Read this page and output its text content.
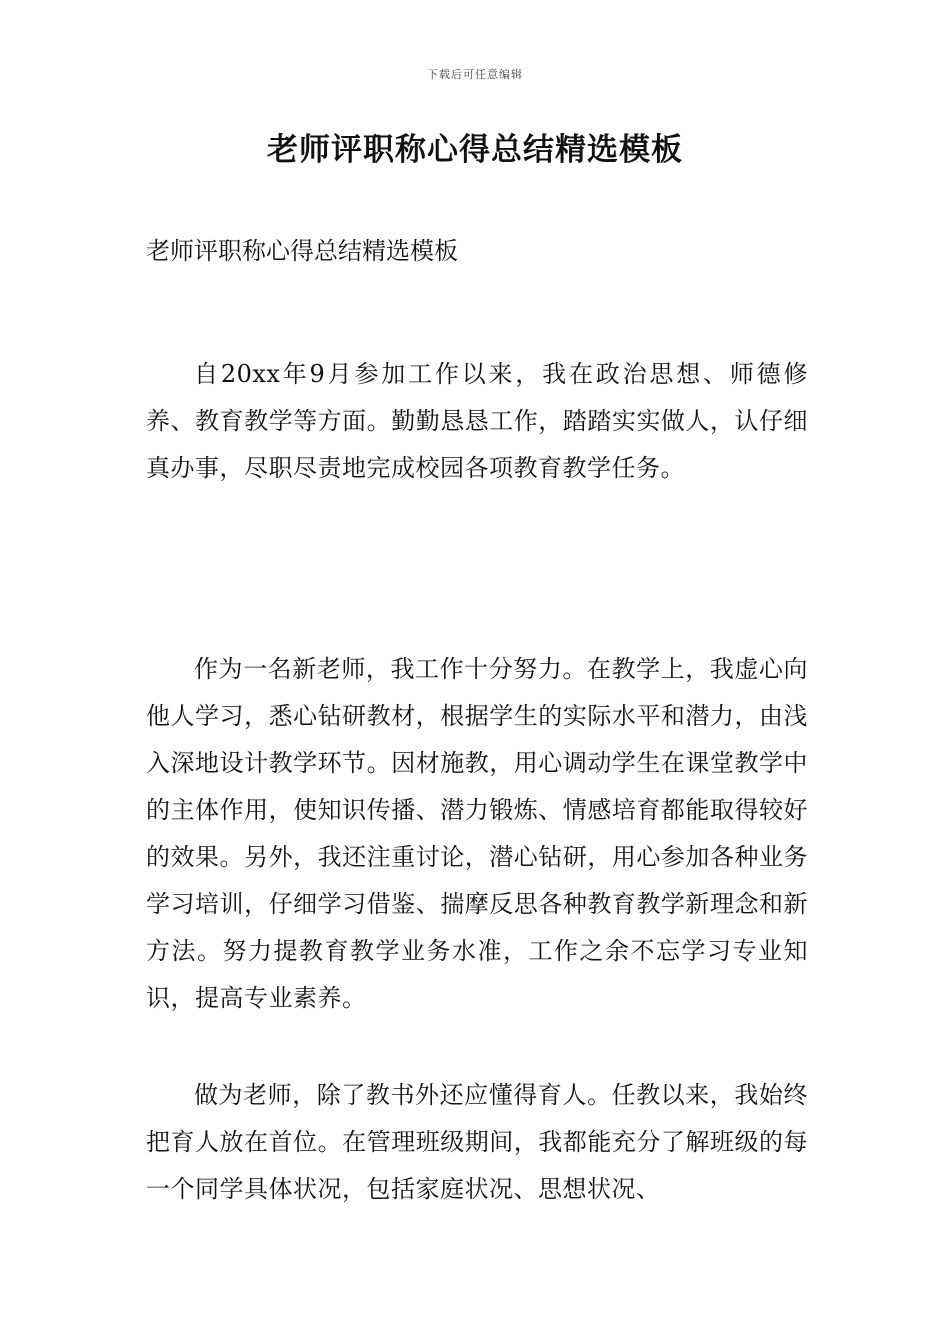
下载后可任意编辑
老师评职称心得总结精选模板

老师评职称心得总结精选模板

自20xx年9月参加工作以来，我在政治思想、师德修养、教育教学等方面。勤勤恳恳工作，踏踏实实做人，认仔细真办事，尽职尽责地完成校园各项教育教学任务。

作为一名新老师，我工作十分努力。在教学上，我虚心向他人学习，悉心钻研教材，根据学生的实际水平和潜力，由浅入深地设计教学环节。因材施教，用心调动学生在课堂教学中的主体作用，使知识传播、潜力锻炼、情感培育都能取得较好的效果。另外，我还注重讨论，潜心钻研，用心参加各种业务学习培训，仔细学习借鉴、揣摩反思各种教育教学新理念和新方法。努力提教育教学业务水准，工作之余不忘学习专业知识，提高专业素养。

做为老师，除了教书外还应懂得育人。任教以来，我始终把育人放在首位。在管理班级期间，我都能充分了解班级的每一个同学具体状况，包括家庭状况、思想状况、
